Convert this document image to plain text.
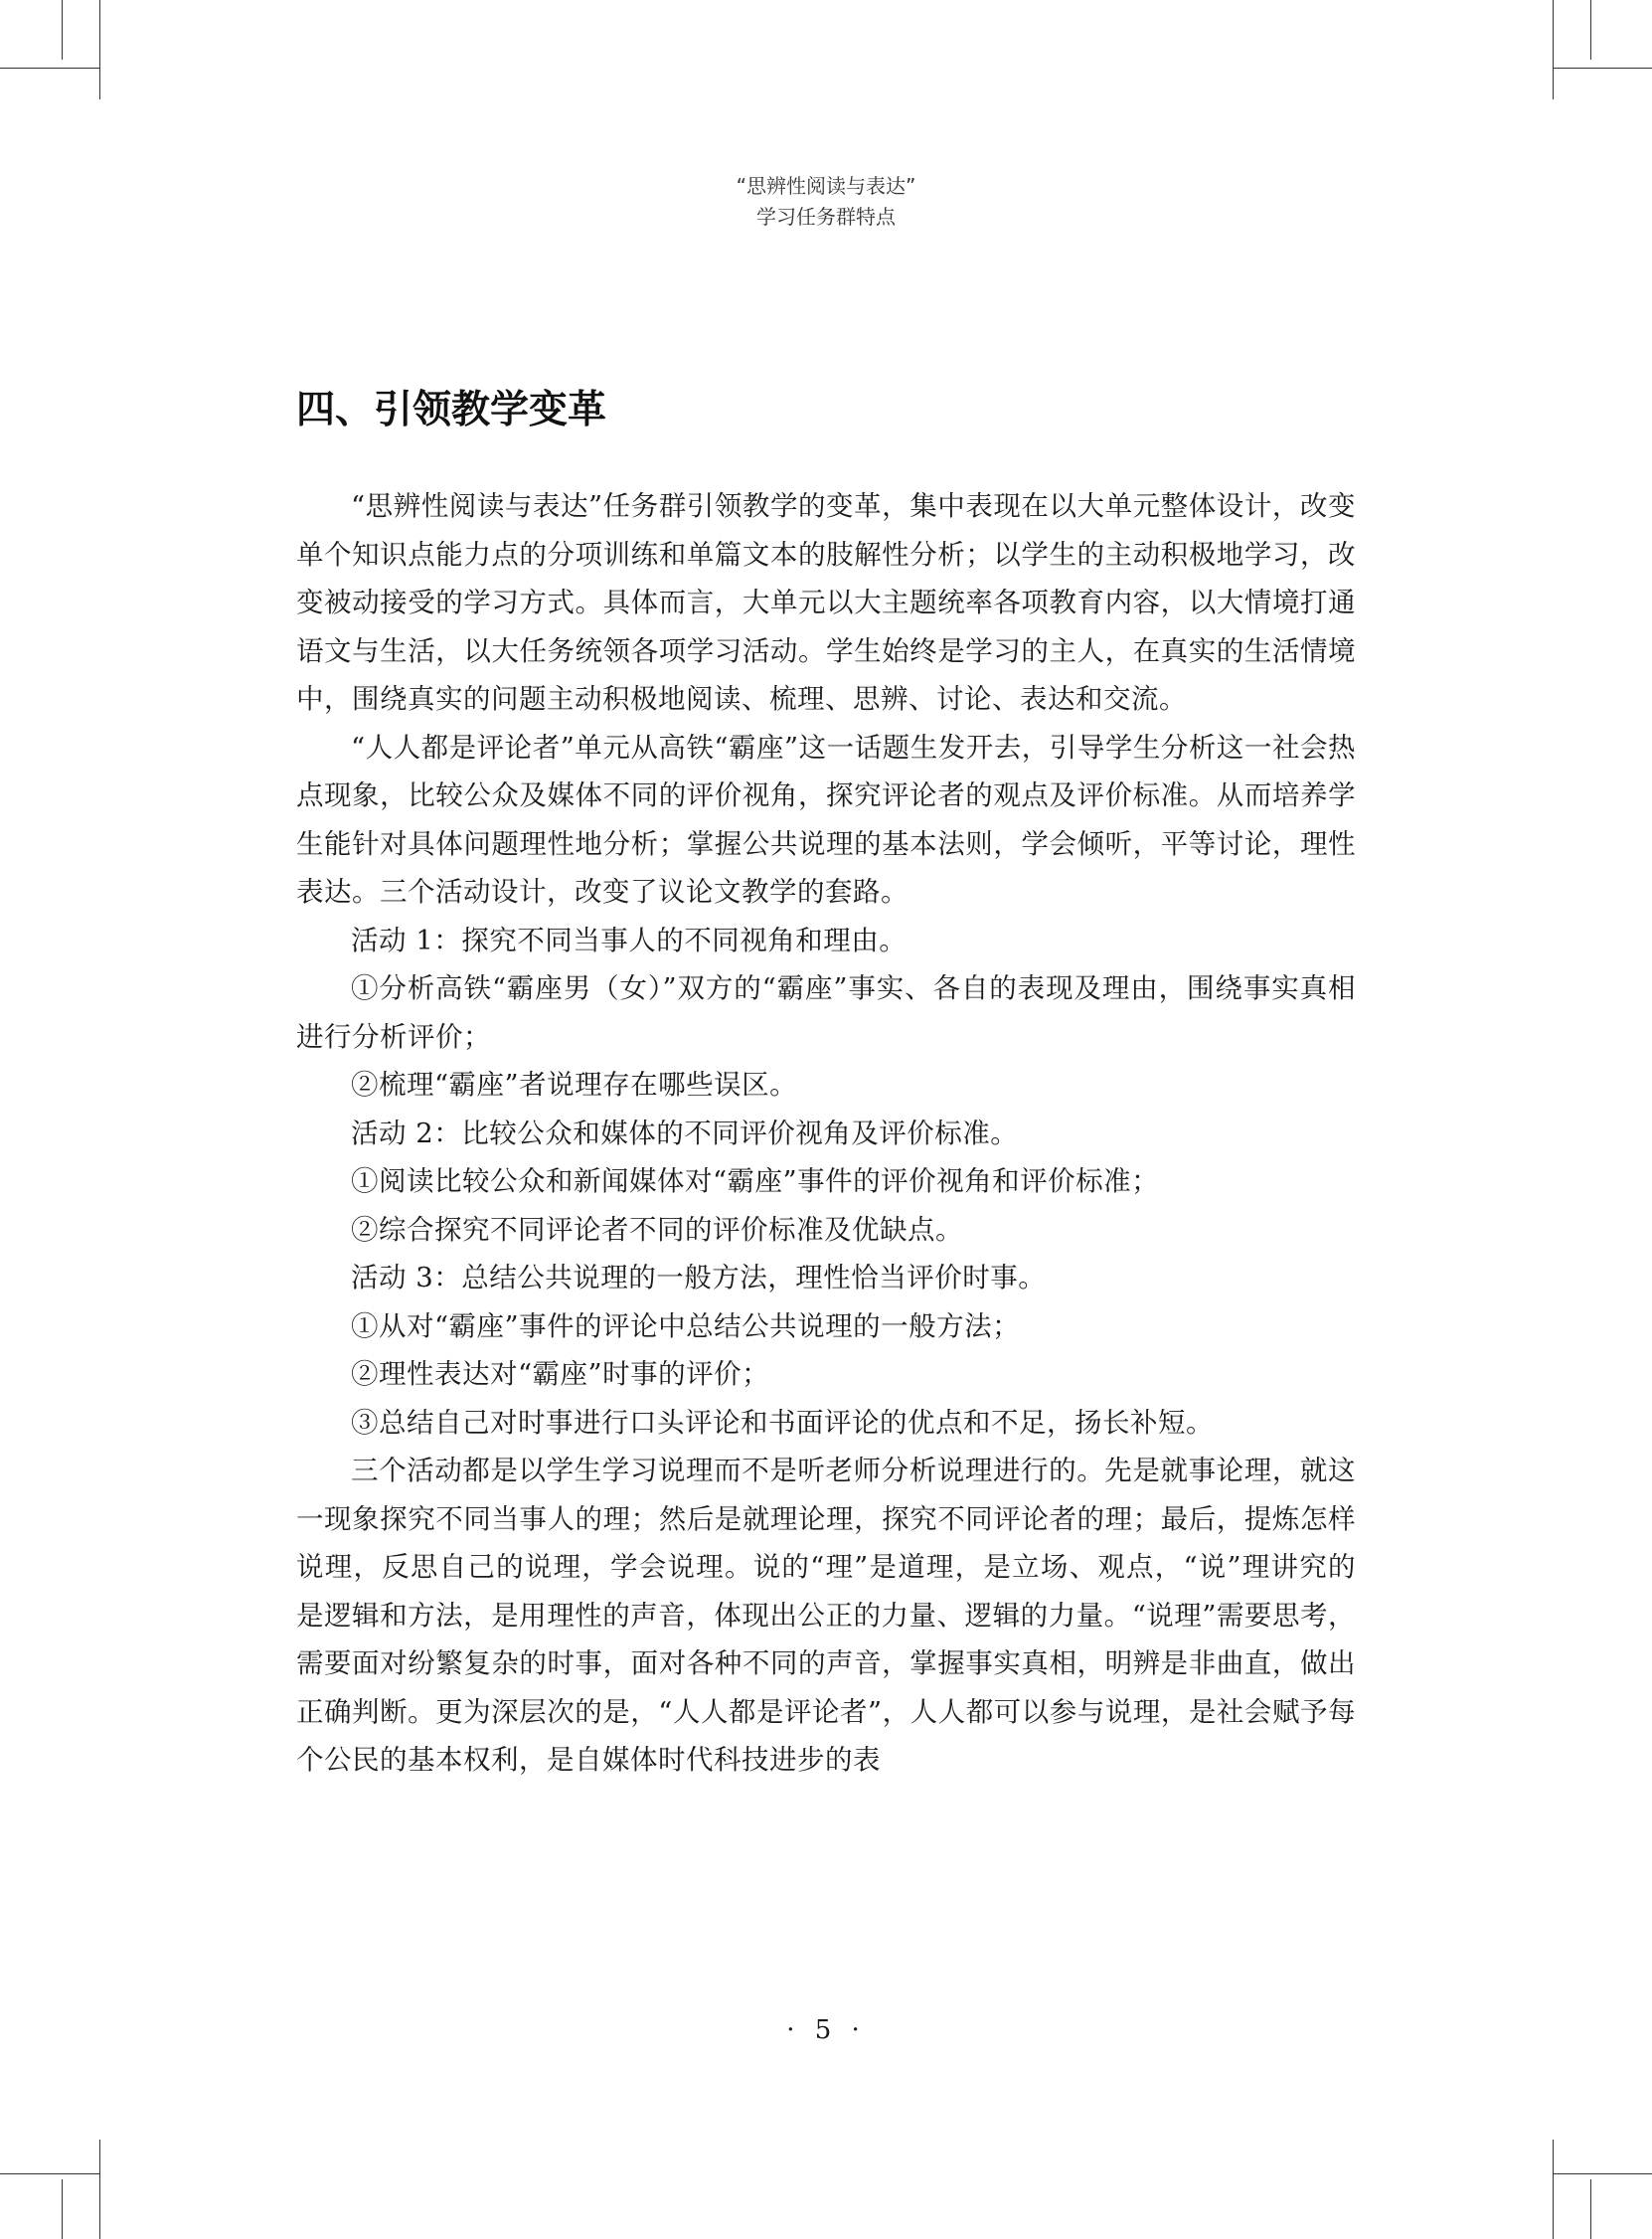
“思辨性阅读与表达”
学习任务群特点
四、引领教学变革

“思辨性阅读与表达”任务群引领教学的变革，集中表现在以大单元整体设计，改变单个知识点能力点的分项训练和单篇文本的肢解性分析；以学生的主动积极地学习，改变被动接受的学习方式。具体而言，大单元以大主题统率各项教育内容，以大情境打通语文与生活，以大任务统领各项学习活动。学生始终是学习的主人，在真实的生活情境中，围绕真实的问题主动积极地阅读、梳理、思辨、讨论、表达和交流。

“人人都是评论者”单元从高铁“霸座”这一话题生发开去，引导学生分析这一社会热点现象，比较公众及媒体不同的评价视角，探究评论者的观点及评价标准。从而培养学生能针对具体问题理性地分析；掌握公共说理的基本法则，学会倾听，平等讨论，理性表达。三个活动设计，改变了议论文教学的套路。

活动 1：探究不同当事人的不同视角和理由。

①分析高铁“霸座男（女）”双方的“霸座”事实、各自的表现及理由，围绕事实真相进行分析评价；

②梳理“霸座”者说理存在哪些误区。

活动 2：比较公众和媒体的不同评价视角及评价标准。

①阅读比较公众和新闻媒体对“霸座”事件的评价视角和评价标准；

②综合探究不同评论者不同的评价标准及优缺点。

活动 3：总结公共说理的一般方法，理性恰当评价时事。

①从对“霸座”事件的评论中总结公共说理的一般方法；

②理性表达对“霸座”时事的评价；

③总结自己对时事进行口头评论和书面评论的优点和不足，扬长补短。

三个活动都是以学生学习说理而不是听老师分析说理进行的。先是就事论理，就这一现象探究不同当事人的理；然后是就理论理，探究不同评论者的理；最后，提炼怎样说理，反思自己的说理，学会说理。说的“理”是道理，是立场、观点，“说”理讲究的是逻辑和方法，是用理性的声音，体现出公正的力量、逻辑的力量。“说理”需要思考，需要面对纷繁复杂的时事，面对各种不同的声音，掌握事实真相，明辨是非曲直，做出正确判断。更为深层次的是，“人人都是评论者”，人人都可以参与说理，是社会赋予每个公民的基本权利，是自媒体时代科技进步的表

· 5 ·
